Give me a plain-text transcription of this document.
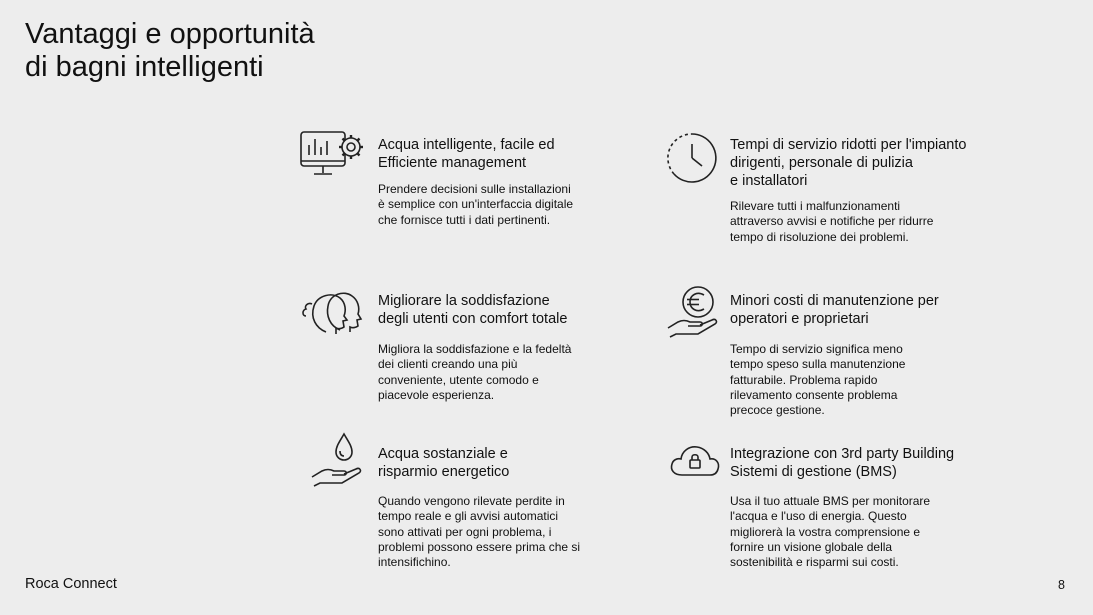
Vantaggi e opportunità
di bagni intelligenti
Acqua intelligente, facile ed
Efficiente management
Prendere decisioni sulle installazioni
è semplice con un'interfaccia digitale
che fornisce tutti i dati pertinenti.
Tempi di servizio ridotti per l'impianto
dirigenti, personale di pulizia
e installatori
Rilevare tutti i malfunzionamenti
attraverso avvisi e notifiche per ridurre
tempo di risoluzione dei problemi.
Migliorare la soddisfazione
degli utenti con comfort totale
Migliora la soddisfazione e la fedeltà
dei clienti creando una più
conveniente, utente comodo e
piacevole esperienza.
Minori costi di manutenzione per
operatori e proprietari
Tempo di servizio significa meno
tempo speso sulla manutenzione
fatturabile. Problema rapido
rilevamento consente problema
precoce gestione.
Acqua sostanziale e
risparmio energetico
Quando vengono rilevate perdite in
tempo reale e gli avvisi automatici
sono attivati per ogni problema, i
problemi possono essere prima che si
intensifichino.
Integrazione con 3rd party Building
Sistemi di gestione (BMS)
Usa il tuo attuale BMS per monitorare
l'acqua e l'uso di energia. Questo
migliorerà la vostra comprensione e
fornire un visione globale della
sostenibilità e risparmi sui costi.
Roca Connect	8
